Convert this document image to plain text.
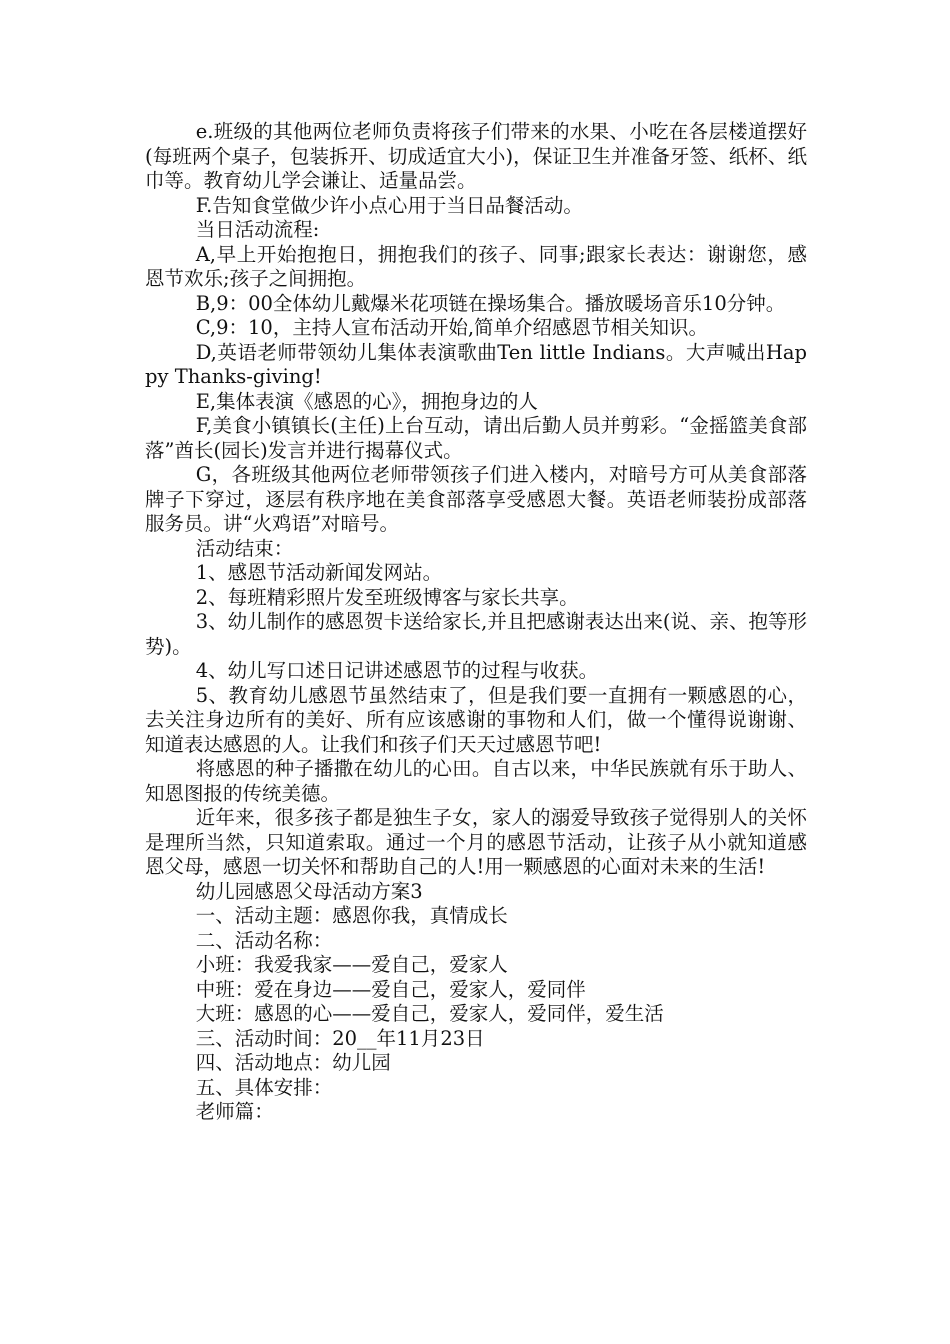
e.班级的其他两位老师负责将孩子们带来的水果、小吃在各层楼道摆好(每班两个桌子，包装拆开、切成适宜大小)，保证卫生并准备牙签、纸杯、纸巾等。教育幼儿学会谦让、适量品尝。

F.告知食堂做少许小点心用于当日品餐活动。

当日活动流程:

A,早上开始抱抱日，拥抱我们的孩子、同事;跟家长表达：谢谢您，感恩节欢乐;孩子之间拥抱。

B,9：00全体幼儿戴爆米花项链在操场集合。播放暖场音乐10分钟。

C,9：10，主持人宣布活动开始,简单介绍感恩节相关知识。

D,英语老师带领幼儿集体表演歌曲Ten little Indians。大声喊出Happy Thanks-giving!

E,集体表演《感恩的心》，拥抱身边的人

F,美食小镇镇长(主任)上台互动，请出后勤人员并剪彩。“金摇篮美食部落”酋长(园长)发言并进行揭幕仪式。

G，各班级其他两位老师带领孩子们进入楼内，对暗号方可从美食部落牌子下穿过，逐层有秩序地在美食部落享受感恩大餐。英语老师装扮成部落服务员。讲“火鸡语”对暗号。

活动结束：

1、感恩节活动新闻发网站。

2、每班精彩照片发至班级博客与家长共享。

3、幼儿制作的感恩贺卡送给家长,并且把感谢表达出来(说、亲、抱等形势)。

4、幼儿写口述日记讲述感恩节的过程与收获。

5、教育幼儿感恩节虽然结束了，但是我们要一直拥有一颗感恩的心，去关注身边所有的美好、所有应该感谢的事物和人们，做一个懂得说谢谢、知道表达感恩的人。让我们和孩子们天天过感恩节吧!

将感恩的种子播撒在幼儿的心田。自古以来，中华民族就有乐于助人、知恩图报的传统美德。

近年来，很多孩子都是独生子女，家人的溺爱导致孩子觉得别人的关怀是理所当然，只知道索取。通过一个月的感恩节活动，让孩子从小就知道感恩父母，感恩一切关怀和帮助自己的人!用一颗感恩的心面对未来的生活!

幼儿园感恩父母活动方案3

一、活动主题：感恩你我，真情成长

二、活动名称：

小班：我爱我家——爱自己，爱家人

中班：爱在身边——爱自己，爱家人，爱同伴

大班：感恩的心——爱自己，爱家人，爱同伴，爱生活

三、活动时间：20__年11月23日

四、活动地点：幼儿园

五、具体安排：

老师篇：
